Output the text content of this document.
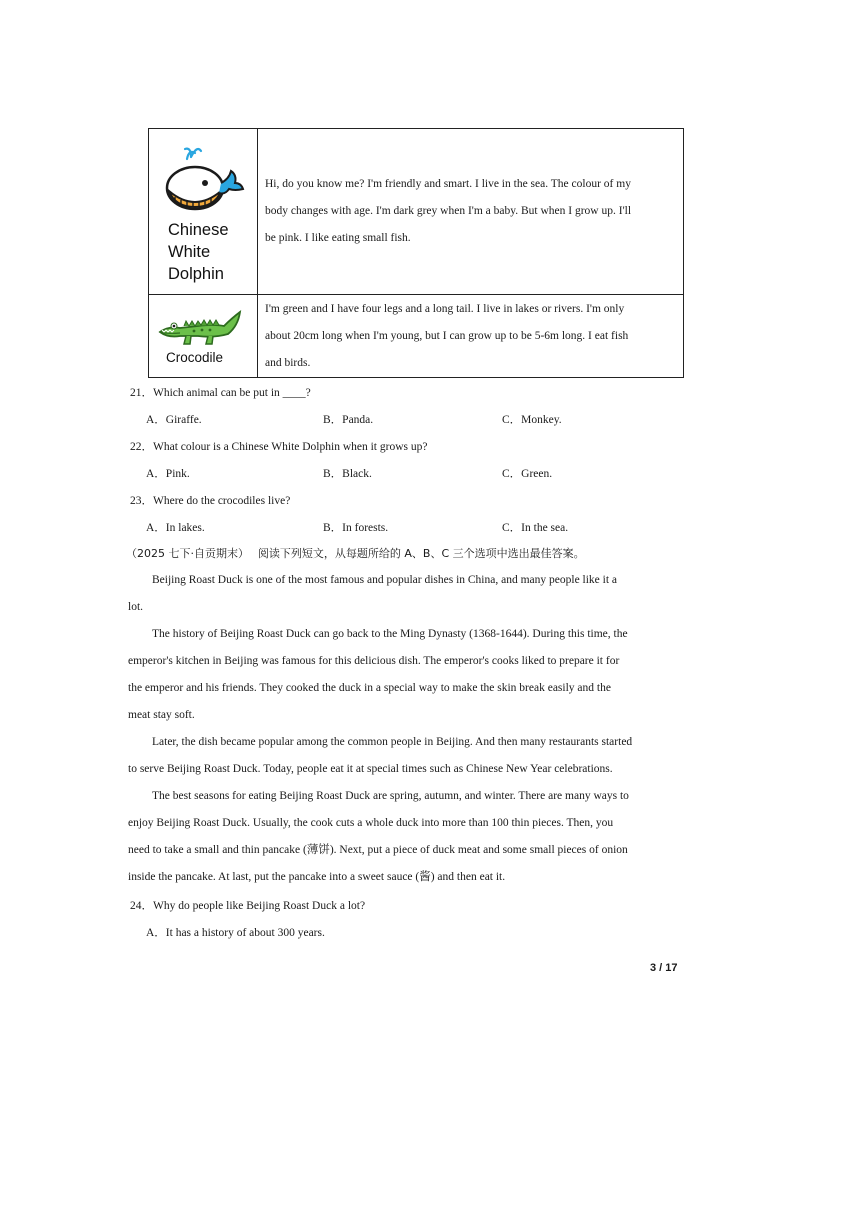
Chinese
White
Dolphin

Hi, do you know me? I'm friendly and smart. I live in the sea. The colour of my

body changes with age. I'm dark grey when I'm a baby. But when I grow up. I'll

be pink. I like eating small fish.

Crocodile

I'm green and I have four legs and a long tail. I live in lakes or rivers. I'm only

about 20cm long when I'm young, but I can grow up to be 5-6m long. I eat fish

and birds.

21．Which animal can be put in ____?
A．Giraffe.	B．Panda.	C．Monkey.
22．What colour is a Chinese White Dolphin when it grows up?
A．Pink.	B．Black.	C．Green.
23．Where do the crocodiles live?
A．In lakes.	B．In forests.	C．In the sea.
（2025 七下·自贡期末） 阅读下列短文，从每题所给的 A、B、C 三个选项中选出最佳答案。
Beijing Roast Duck is one of the most famous and popular dishes in China, and many people like it a
lot.
The history of Beijing Roast Duck can go back to the Ming Dynasty (1368-1644). During this time, the
emperor's kitchen in Beijing was famous for this delicious dish. The emperor's cooks liked to prepare it for
the emperor and his friends. They cooked the duck in a special way to make the skin break easily and the
meat stay soft.
Later, the dish became popular among the common people in Beijing. And then many restaurants started
to serve Beijing Roast Duck. Today, people eat it at special times such as Chinese New Year celebrations.
The best seasons for eating Beijing Roast Duck are spring, autumn, and winter. There are many ways to
enjoy Beijing Roast Duck. Usually, the cook cuts a whole duck into more than 100 thin pieces. Then, you
need to take a small and thin pancake (薄饼). Next, put a piece of duck meat and some small pieces of onion
inside the pancake. At last, put the pancake into a sweet sauce (酱) and then eat it.
24．Why do people like Beijing Roast Duck a lot?
A．It has a history of about 300 years.
3 / 17
